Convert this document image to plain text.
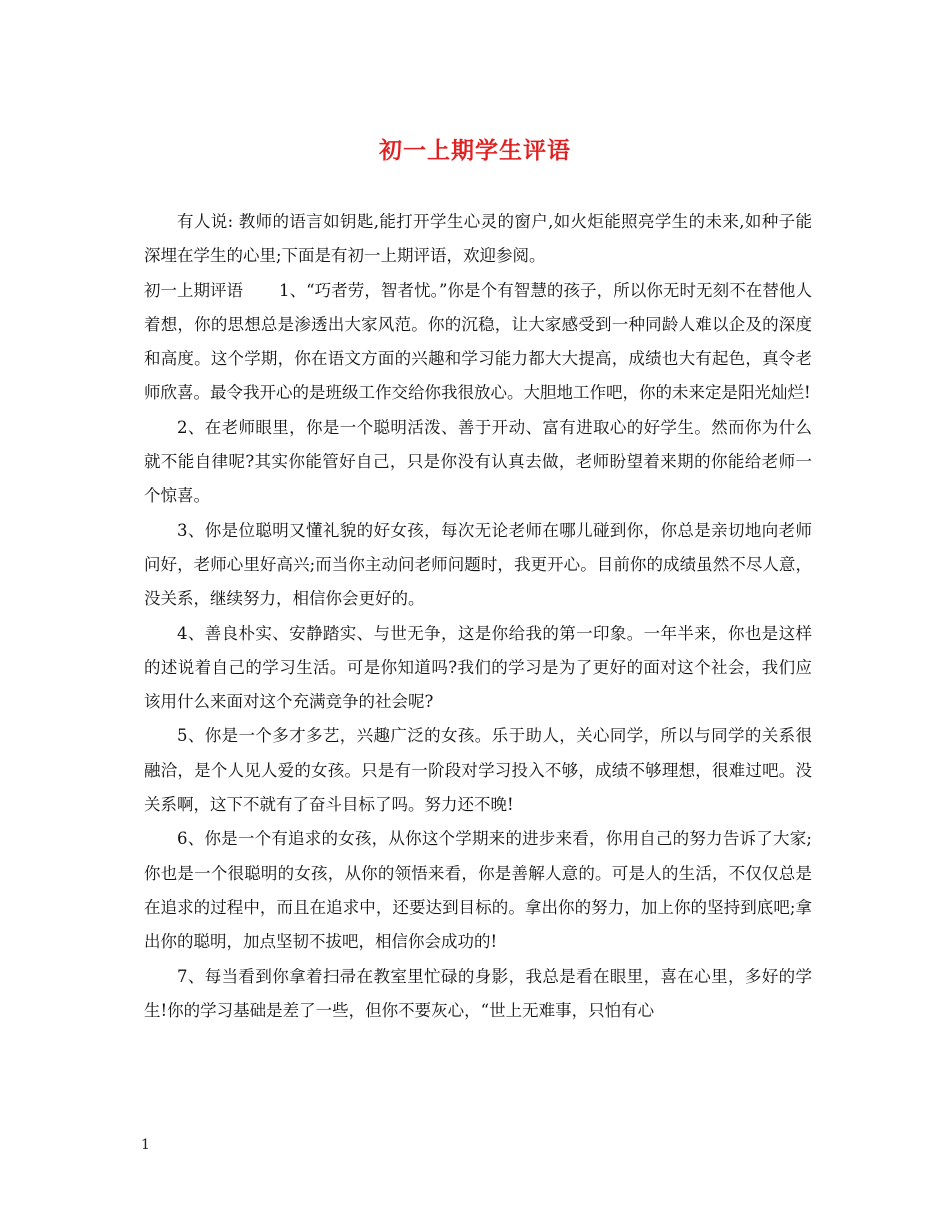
初一上期学生评语

有人说: 教师的语言如钥匙,能打开学生心灵的窗户,如火炬能照亮学生的未来,如种子能深埋在学生的心里;下面是有初一上期评语，欢迎参阅。

初一上期评语 1、“巧者劳，智者忧。”你是个有智慧的孩子，所以你无时无刻不在替他人着想，你的思想总是渗透出大家风范。你的沉稳，让大家感受到一种同龄人难以企及的深度和高度。这个学期，你在语文方面的兴趣和学习能力都大大提高，成绩也大有起色，真令老师欣喜。最令我开心的是班级工作交给你我很放心。大胆地工作吧，你的未来定是阳光灿烂!

2、在老师眼里，你是一个聪明活泼、善于开动、富有进取心的好学生。然而你为什么就不能自律呢?其实你能管好自己，只是你没有认真去做，老师盼望着来期的你能给老师一个惊喜。

3、你是位聪明又懂礼貌的好女孩，每次无论老师在哪儿碰到你，你总是亲切地向老师问好，老师心里好高兴;而当你主动问老师问题时，我更开心。目前你的成绩虽然不尽人意，没关系，继续努力，相信你会更好的。

4、善良朴实、安静踏实、与世无争，这是你给我的第一印象。一年半来，你也是这样的述说着自己的学习生活。可是你知道吗?我们的学习是为了更好的面对这个社会，我们应该用什么来面对这个充满竞争的社会呢?

5、你是一个多才多艺，兴趣广泛的女孩。乐于助人，关心同学，所以与同学的关系很融洽，是个人见人爱的女孩。只是有一阶段对学习投入不够，成绩不够理想，很难过吧。没关系啊，这下不就有了奋斗目标了吗。努力还不晚!

6、你是一个有追求的女孩，从你这个学期来的进步来看，你用自己的努力告诉了大家;你也是一个很聪明的女孩，从你的领悟来看，你是善解人意的。可是人的生活，不仅仅总是在追求的过程中，而且在追求中，还要达到目标的。拿出你的努力，加上你的坚持到底吧;拿出你的聪明，加点坚韧不拔吧，相信你会成功的!

7、每当看到你拿着扫帚在教室里忙碌的身影，我总是看在眼里，喜在心里，多好的学生!你的学习基础是差了一些，但你不要灰心，“世上无难事，只怕有心

1
